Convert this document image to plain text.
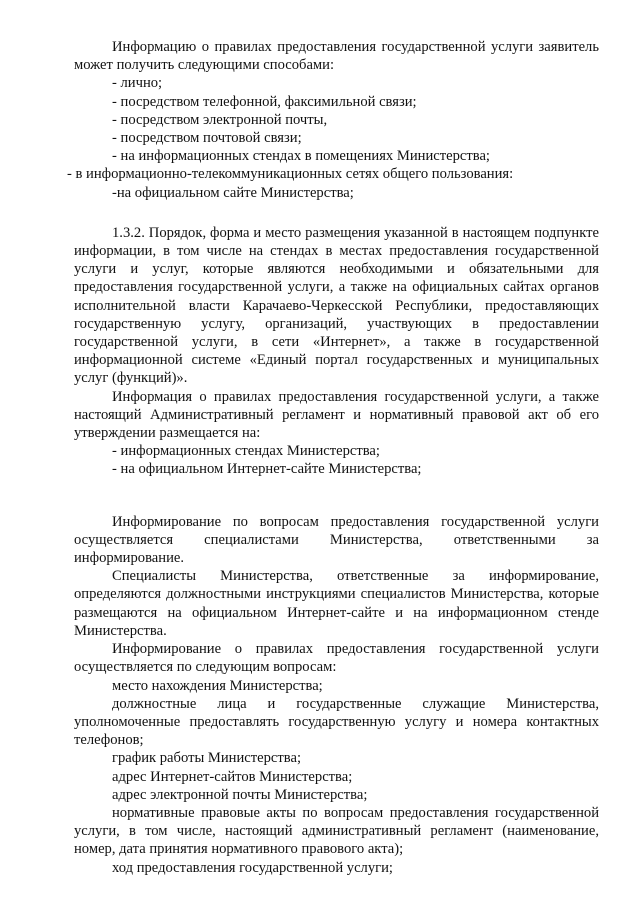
Информацию о правилах предоставления государственной услуги заявитель может получить следующими способами:

- лично;

- посредством телефонной, факсимильной связи;

- посредством электронной почты,

- посредством почтовой связи;

- на информационных стендах в помещениях Министерства;

- в информационно-телекоммуникационных сетях общего пользования:

-на официальном сайте Министерства;

1.3.2. Порядок, форма и место размещения указанной в настоящем подпункте информации, в том числе на стендах в местах предоставления государственной услуги и услуг, которые являются необходимыми и обязательными для предоставления государственной услуги, а также на официальных сайтах органов исполнительной власти Карачаево-Черкесской Республики, предоставляющих государственную услугу, организаций, участвующих в предоставлении государственной услуги, в сети «Интернет», а также в государственной информационной системе «Единый портал государственных и муниципальных услуг (функций)».

Информация о правилах предоставления государственной услуги, а также настоящий Административный регламент и нормативный правовой акт об его утверждении размещается на:

- информационных стендах Министерства;

- на официальном Интернет-сайте Министерства;

Информирование по вопросам предоставления государственной услуги осуществляется специалистами Министерства, ответственными за информирование.

Специалисты Министерства, ответственные за информирование, определяются должностными инструкциями специалистов Министерства, которые размещаются на официальном Интернет-сайте и на информационном стенде Министерства.

Информирование о правилах предоставления государственной услуги осуществляется по следующим вопросам:

место нахождения Министерства;

должностные лица и государственные служащие Министерства, уполномоченные предоставлять государственную услугу и номера контактных телефонов;

график работы Министерства;

адрес Интернет-сайтов Министерства;

адрес электронной почты Министерства;

нормативные правовые акты по вопросам предоставления государственной услуги, в том числе, настоящий административный регламент (наименование, номер, дата принятия нормативного правового акта);

ход предоставления государственной услуги;
